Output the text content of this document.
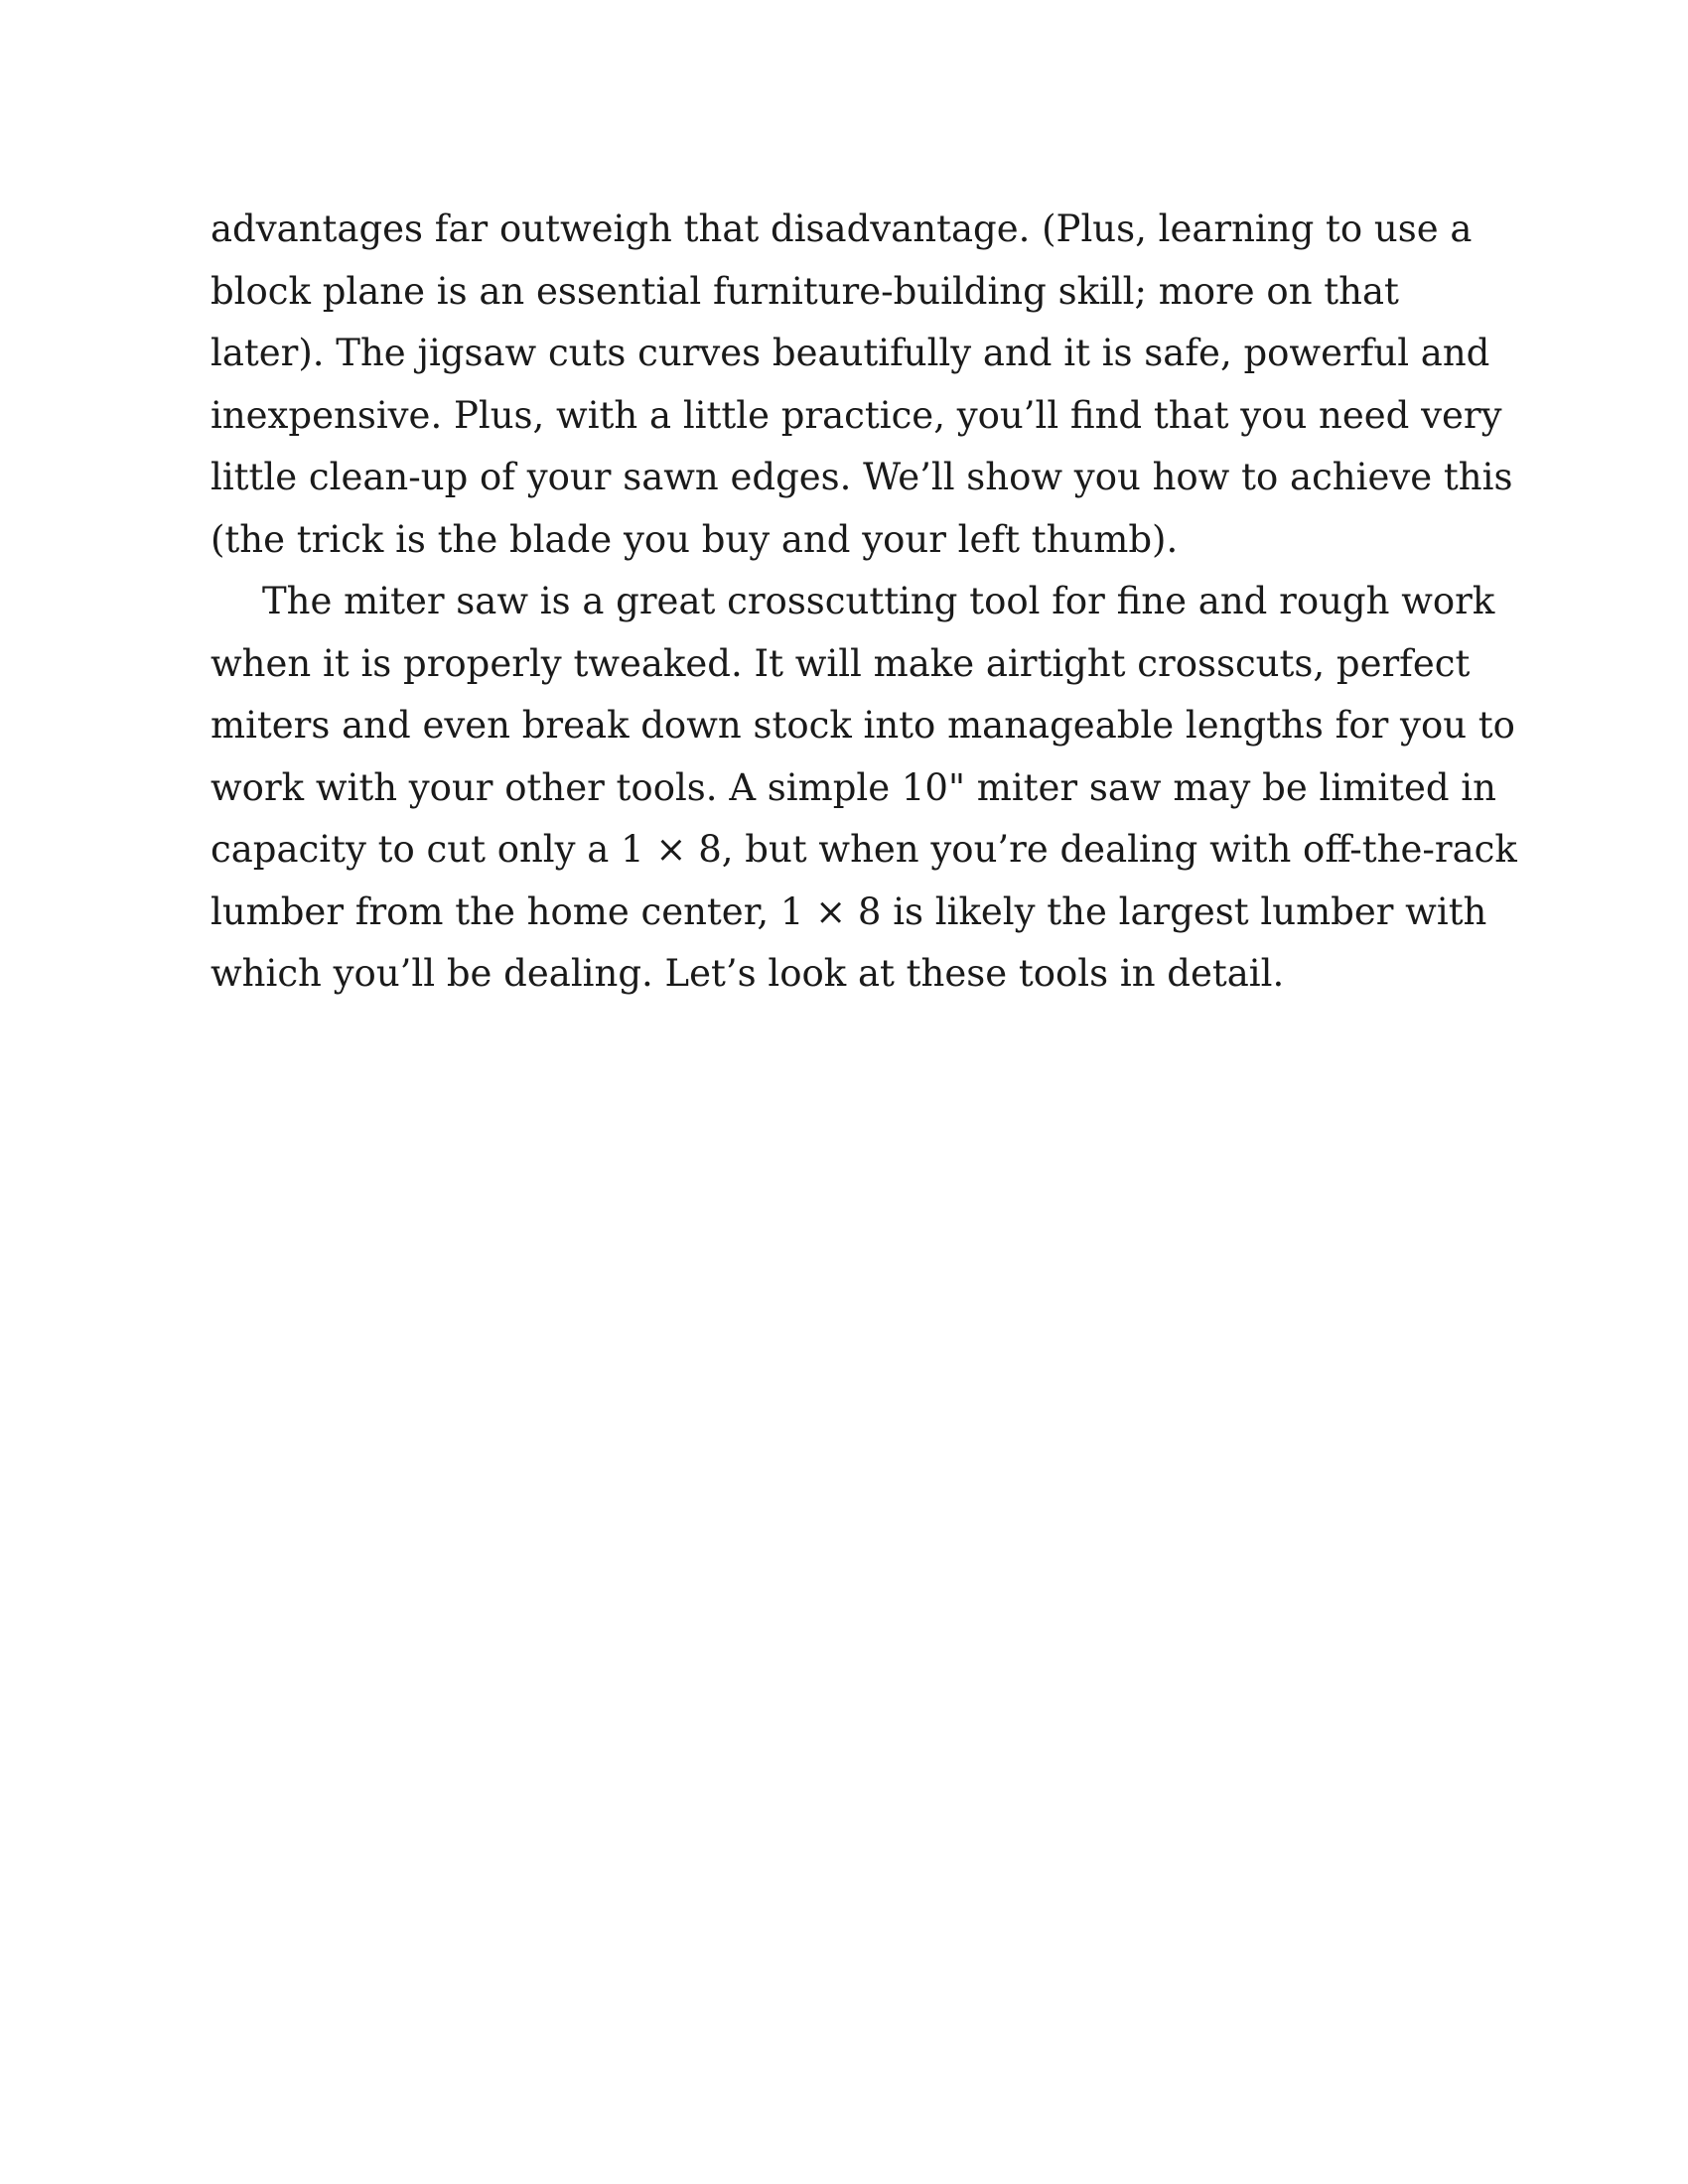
advantages far outweigh that disadvantage. (Plus, learning to use a
block plane is an essential furniture-building skill; more on that
later). The jigsaw cuts curves beautifully and it is safe, powerful and
inexpensive. Plus, with a little practice, you’ll find that you need very
little clean-up of your sawn edges. We’ll show you how to achieve this
(the trick is the blade you buy and your left thumb).
The miter saw is a great crosscutting tool for fine and rough work
when it is properly tweaked. It will make airtight crosscuts, perfect
miters and even break down stock into manageable lengths for you to
work with your other tools. A simple 10" miter saw may be limited in
capacity to cut only a 1 × 8, but when you’re dealing with off-the-rack
lumber from the home center, 1 × 8 is likely the largest lumber with
which you’ll be dealing. Let’s look at these tools in detail.
